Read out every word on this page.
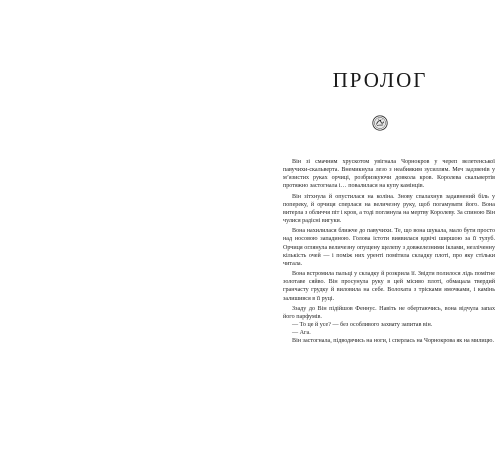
ПРОЛОГ

Він зі смачним хрускотом увігнала Чорнокров у череп велетенської павучихи-скальверта. Внемикнула лезо з неабияким зусиллям. Меч задзвенів у м’язистих руках орчиці, розбризкуючи довкола кров. Королева скальвертів протяжно застогнала і… повалилася на купу камінців.

Він зітхнула й опустилася на коліна. Знову спалахнув задавнений біль у попереку, й орчиця сперлася на величезну руку, щоб погамувати його. Вона витерла з обличчя піт і кров, а тоді поглянула на мертву Королеву. За спиною Він чулися радісні вигуки.

Вона нахилилася ближче до павучихи. Те, що вона шукала, мало бути просто над носовою западиною. Голова істоти виявилася вдвічі ширшою за її тулуб. Орчиця оглянула величезну опущену щелепу з довжелезними іклами, незліченну кількість очей — і поміж них уренті помітила складку плоті, про яку стільки читала.

Вона встромила пальці у складку й розкрила її. Звідти полилося лідь помітне золотаве сяйво. Він просунула руку в цей місиво плоті, обмацала твердий гранчасту грудку й виловила на себе. Волохата з трісками ямочками, і камінь залишився в її руці.

Ззаду до Він підійшов Феннус. Навіть не обертаючись, вона відчула запах його парфумів.

— То це й усе? — без особливого захвату запитав він.

— Ага.

Він застогнала, підводячись на ноги, і сперлась на Чорнокрова як на милицю.
